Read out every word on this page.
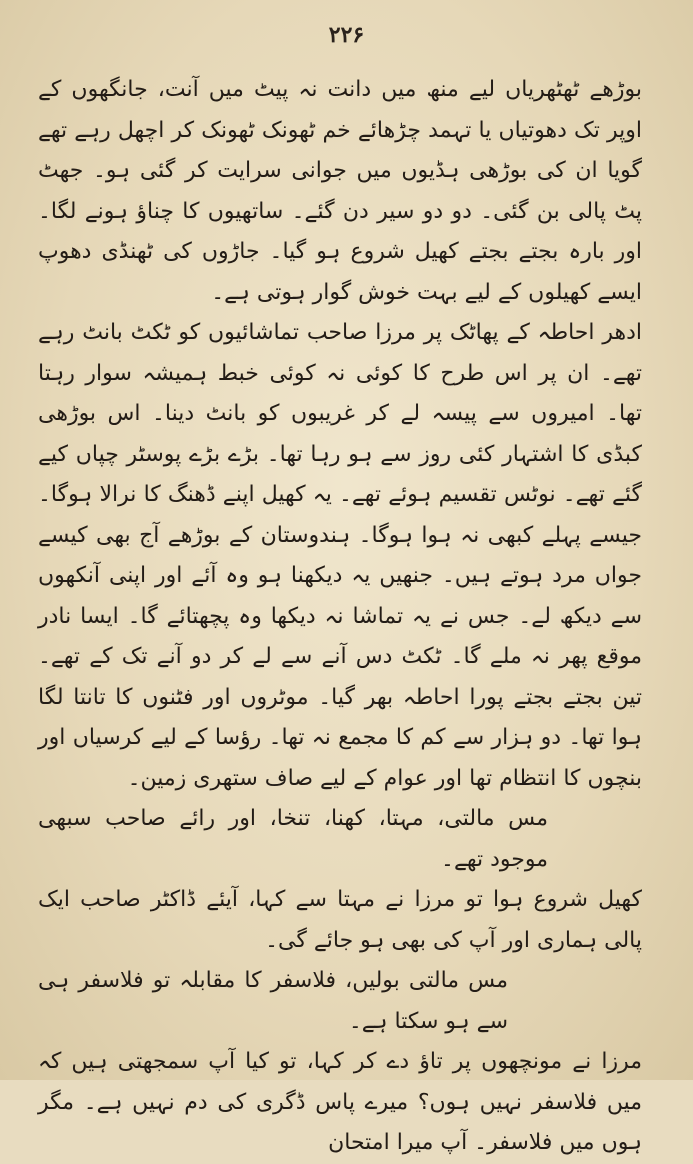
۲۲۶

بوڑھے ٹھٹھریاں لیے منھ میں دانت نہ پیٹ میں آنت، جانگھوں کے اوپر تک دھوتیاں یا تہمد چڑھائے خم ٹھونک ٹھونک کر اچھل رہے تھے گویا ان کی بوڑھی ہڈیوں میں جوانی سرایت کر گئی ہو۔ جھٹ پٹ پالی بن گئی۔ دو دو سیر دن گئے۔ ساتھیوں کا چناؤ ہونے لگا۔ اور بارہ بجتے بجتے کھیل شروع ہو گیا۔ جاڑوں کی ٹھنڈی دھوپ ایسے کھیلوں کے لیے بہت خوش گوار ہوتی ہے۔

ادھر احاطہ کے پھاٹک پر مرزا صاحب تماشائیوں کو ٹکٹ بانٹ رہے تھے۔ ان پر اس طرح کا کوئی نہ کوئی خبط ہمیشہ سوار رہتا تھا۔ امیروں سے پیسہ لے کر غریبوں کو بانٹ دینا۔ اس بوڑھی کبڈی کا اشتہار کئی روز سے ہو رہا تھا۔ بڑے بڑے پوسٹر چپاں کیے گئے تھے۔ نوٹس تقسیم ہوئے تھے۔ یہ کھیل اپنے ڈھنگ کا نرالا ہوگا۔ جیسے پہلے کبھی نہ ہوا ہوگا۔ ہندوستان کے بوڑھے آج بھی کیسے جواں مرد ہوتے ہیں۔ جنھیں یہ دیکھنا ہو وہ آئے اور اپنی آنکھوں سے دیکھ لے۔ جس نے یہ تماشا نہ دیکھا وہ پچھتائے گا۔ ایسا نادر موقع پھر نہ ملے گا۔ ٹکٹ دس آنے سے لے کر دو آنے تک کے تھے۔ تین بجتے بجتے پورا احاطہ بھر گیا۔ موٹروں اور فٹنوں کا تانتا لگا ہوا تھا۔ دو ہزار سے کم کا مجمع نہ تھا۔ رؤسا کے لیے کرسیاں اور بنچوں کا انتظام تھا اور عوام کے لیے صاف ستھری زمین۔

مس مالتی، مہتا، کھنا، تنخا، اور رائے صاحب سبھی موجود تھے۔

کھیل شروع ہوا تو مرزا نے مہتا سے کہا، آیئے ڈاکٹر صاحب ایک پالی ہماری اور آپ کی بھی ہو جائے گی۔

مس مالتی بولیں، فلاسفر کا مقابلہ تو فلاسفر ہی سے ہو سکتا ہے۔

مرزا نے مونچھوں پر تاؤ دے کر کہا، تو کیا آپ سمجھتی ہیں کہ میں فلاسفر نہیں ہوں؟ میرے پاس ڈگری کی دم نہیں ہے۔ مگر ہوں میں فلاسفر۔ آپ میرا امتحان
